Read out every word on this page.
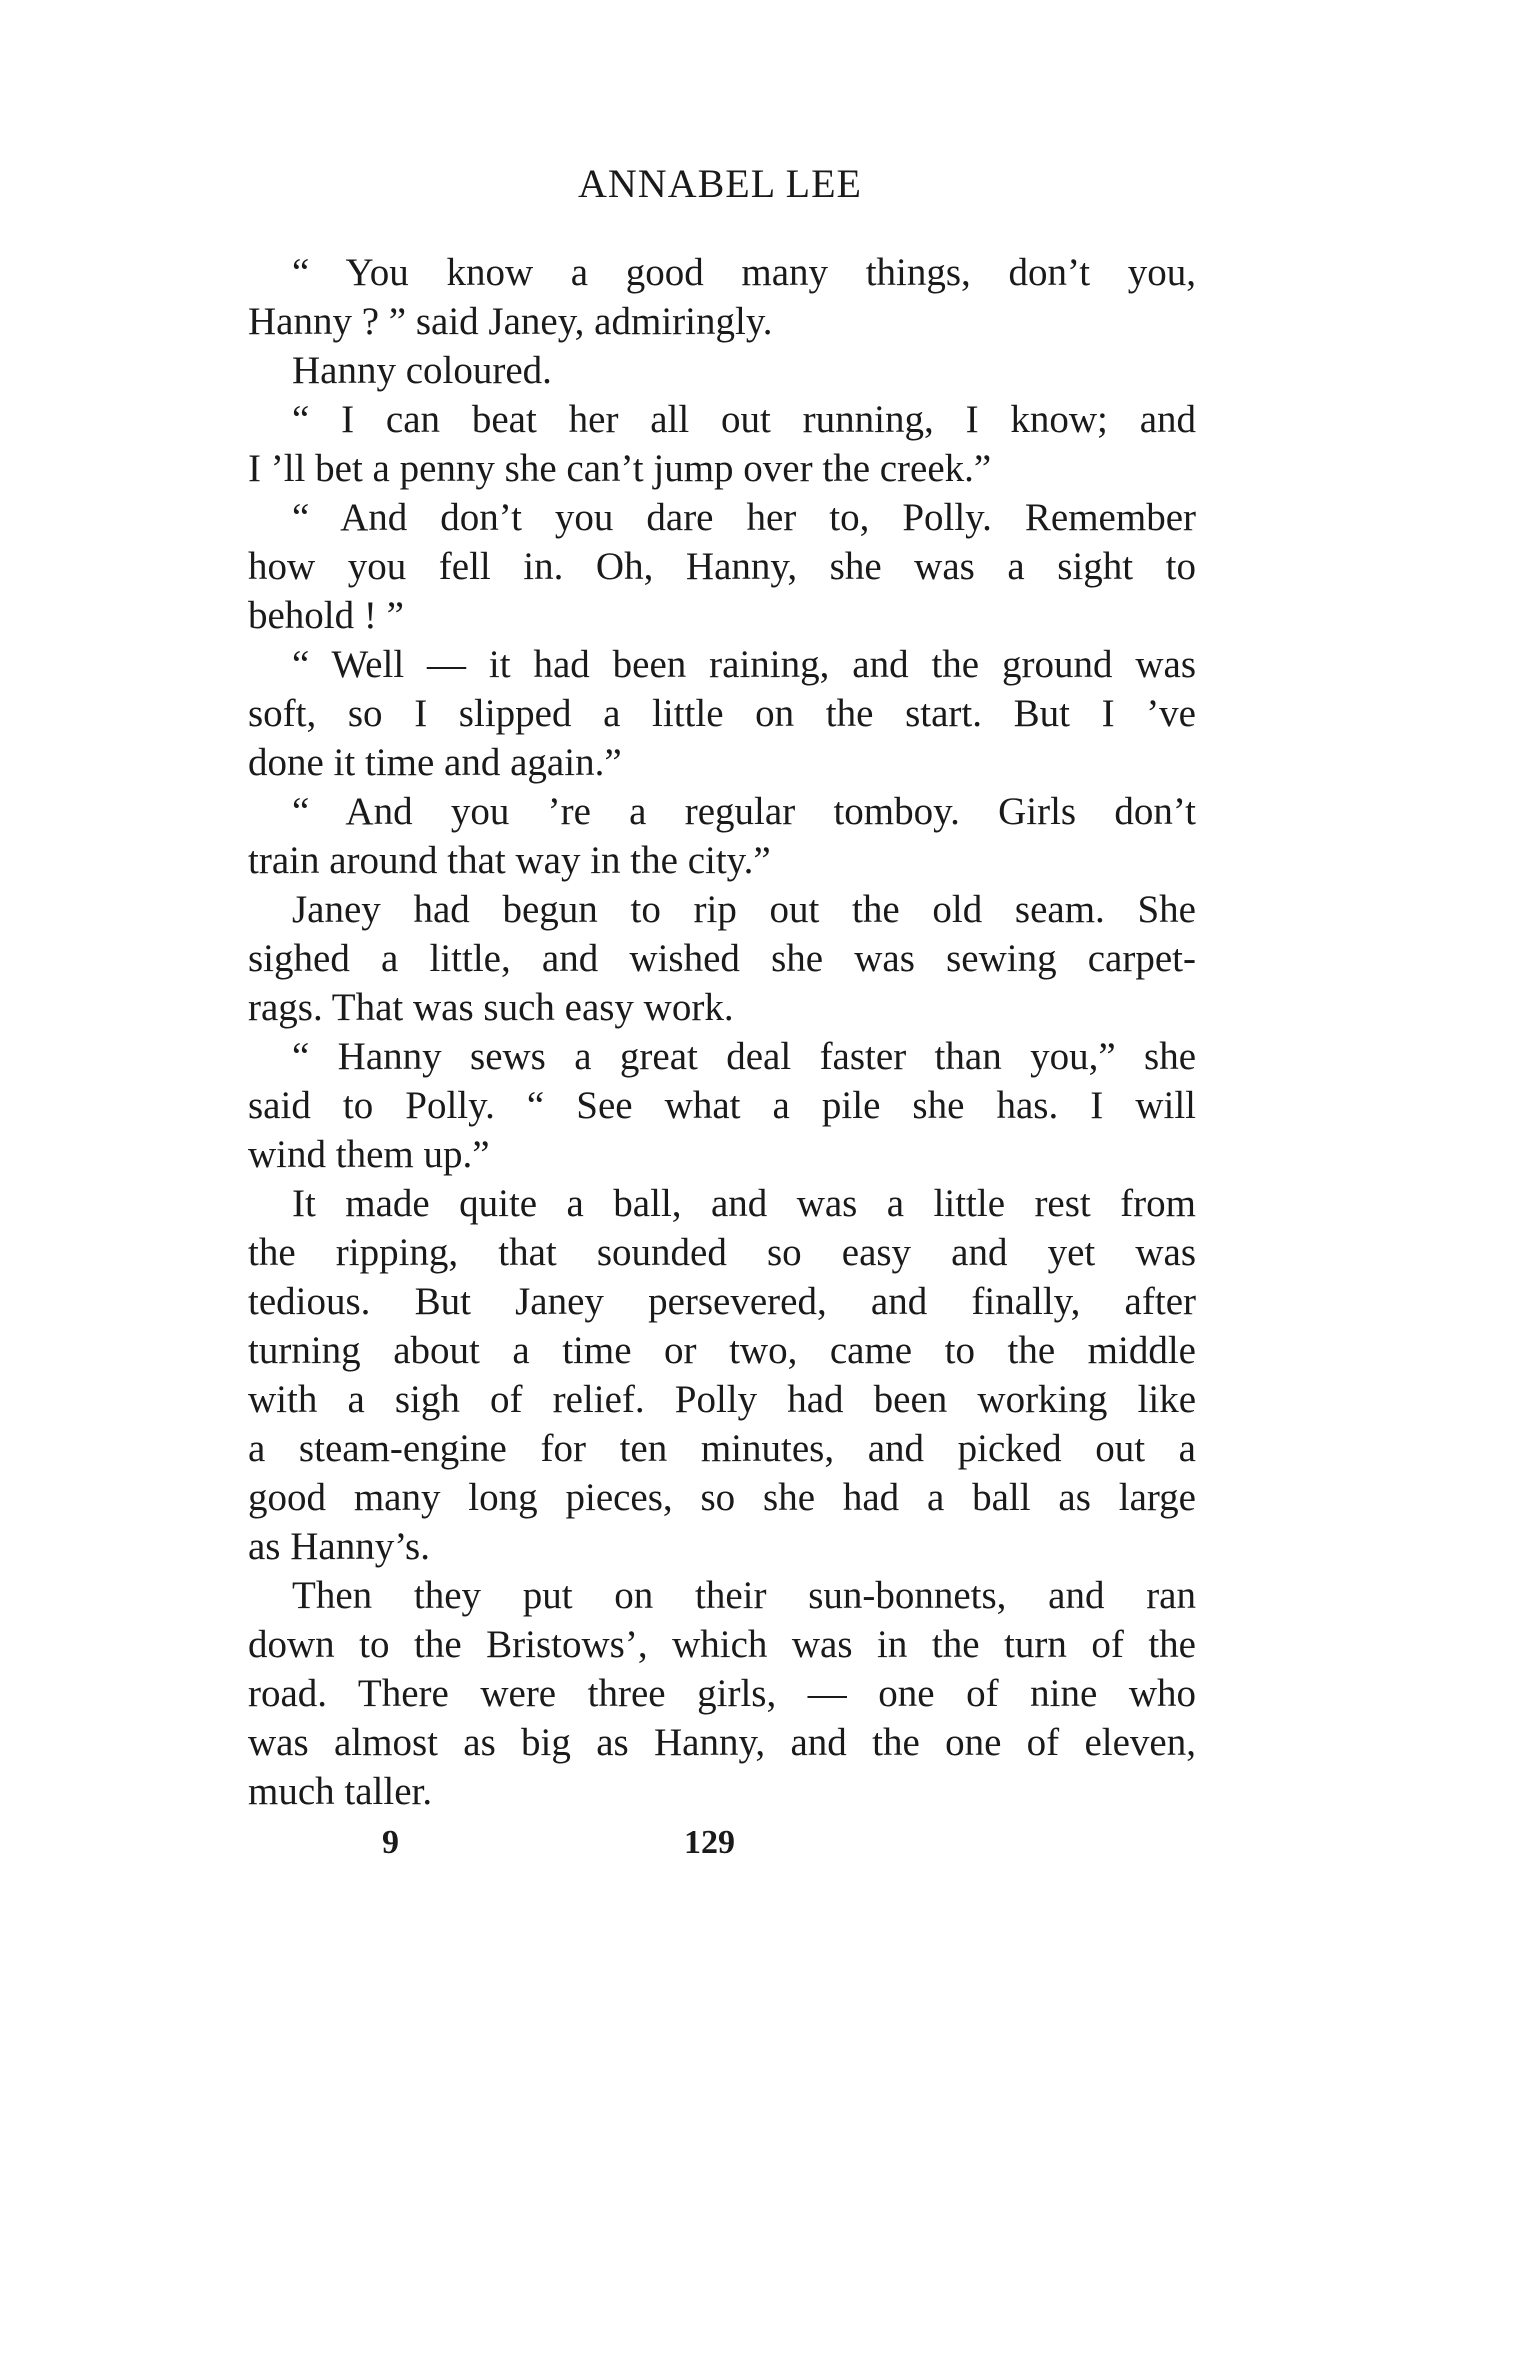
ANNABEL LEE
“ You know a good many things, don’t you,
Hanny ? ” said Janey, admiringly.
Hanny coloured.
“ I can beat her all out running, I know; and
I ’ll bet a penny she can’t jump over the creek.”
“ And don’t you dare her to, Polly. Remember
how you fell in. Oh, Hanny, she was a sight to
behold ! ”
“ Well — it had been raining, and the ground was
soft, so I slipped a little on the start. But I ’ve
done it time and again.”
“ And you ’re a regular tomboy. Girls don’t
train around that way in the city.”
Janey had begun to rip out the old seam. She
sighed a little, and wished she was sewing carpet-
rags. That was such easy work.
“ Hanny sews a great deal faster than you,” she
said to Polly. “ See what a pile she has. I will
wind them up.”
It made quite a ball, and was a little rest from
the ripping, that sounded so easy and yet was
tedious. But Janey persevered, and finally, after
turning about a time or two, came to the middle
with a sigh of relief. Polly had been working like
a steam-engine for ten minutes, and picked out a
good many long pieces, so she had a ball as large
as Hanny’s.
Then they put on their sun-bonnets, and ran
down to the Bristows’, which was in the turn of the
road. There were three girls, — one of nine who
was almost as big as Hanny, and the one of eleven,
much taller.
9	129
